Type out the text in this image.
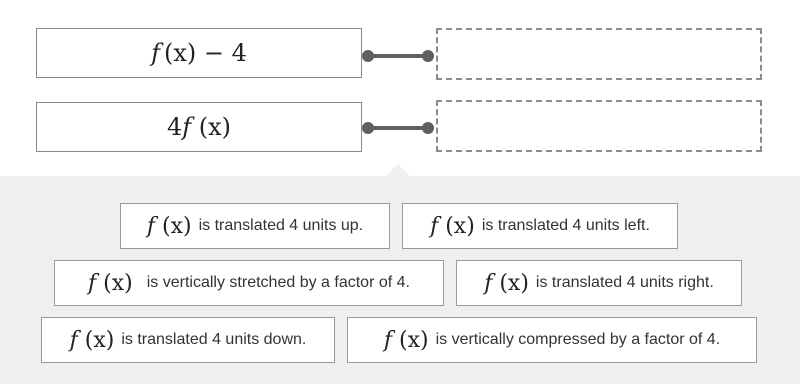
f (x) − 4
4 f (x)
f (x) is translated 4 units up.	f (x) is translated 4 units left.
f (x) is vertically stretched by a factor of 4.	f (x) is translated 4 units right.
f (x) is translated 4 units down.	f (x) is vertically compressed by a factor of 4.
